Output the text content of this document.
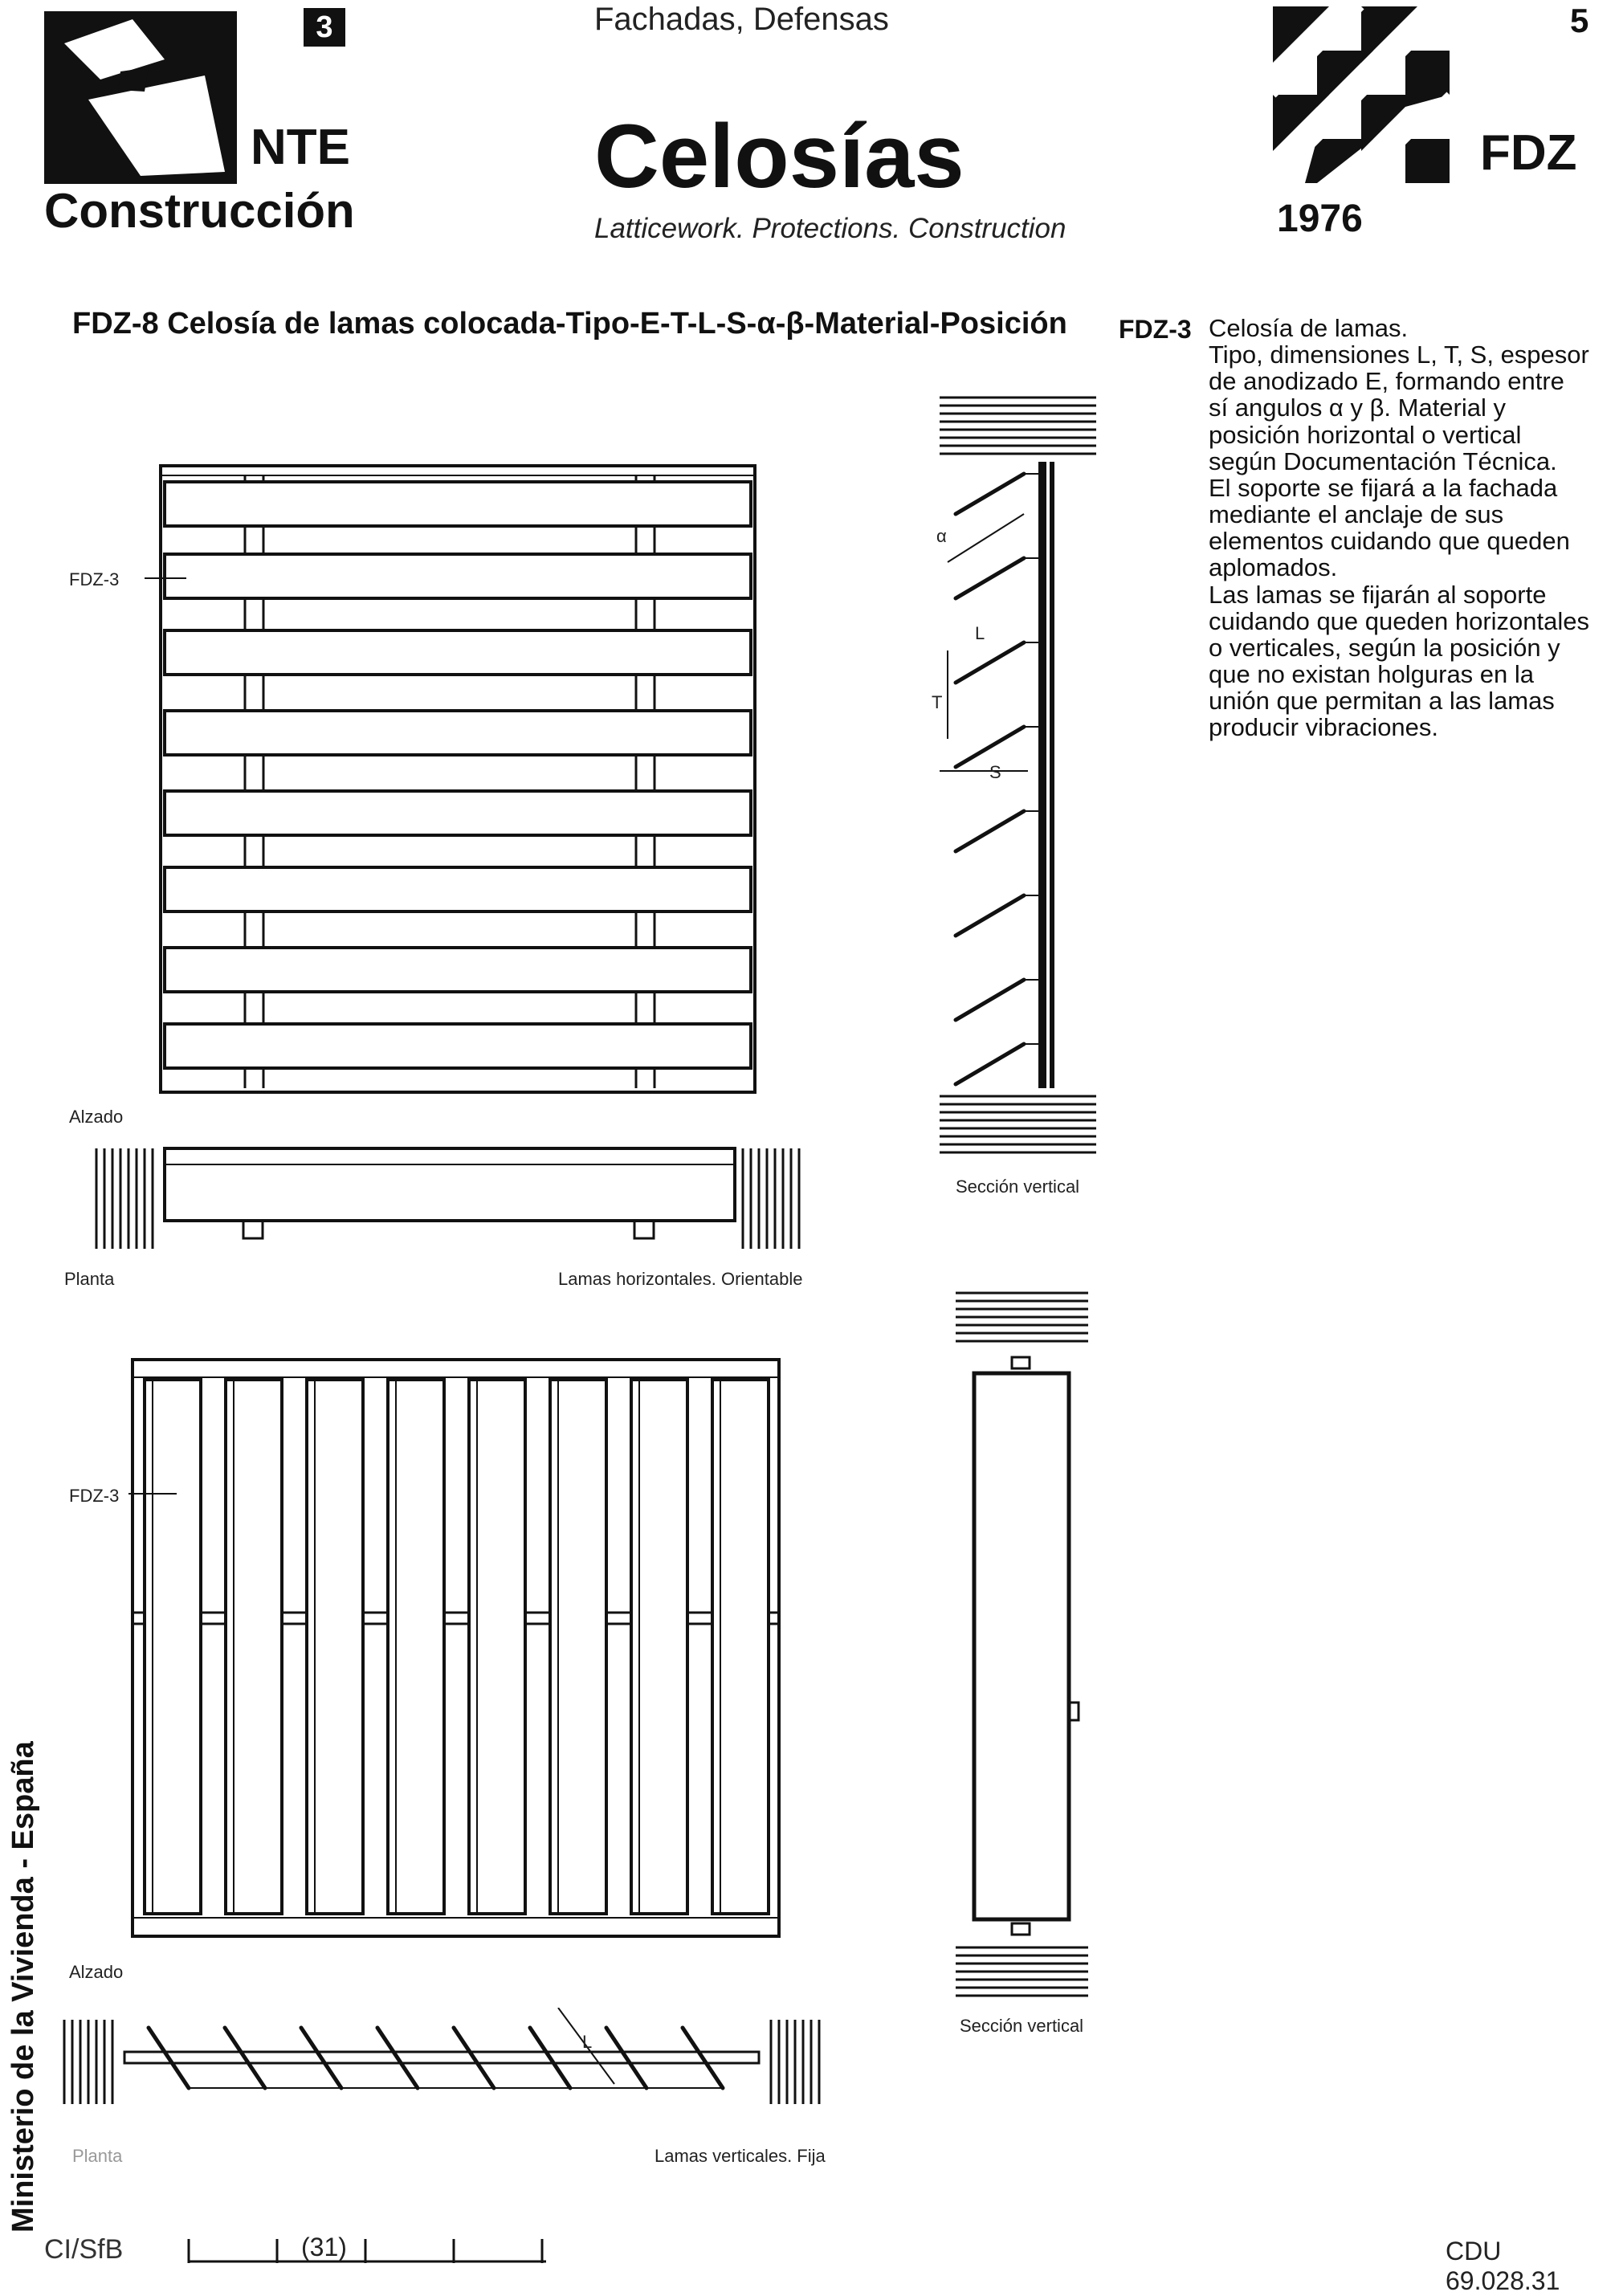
3
NTE
Construcción
Fachadas, Defensas
Celosías
Latticework. Protections. Construction
5
FDZ
1976
FDZ-8 Celosía de lamas colocada-Tipo-E-T-L-S-α-β-Material-Posición FDZ-3 Celosía de lamas.

Tipo, dimensiones L, T, S, espesor de anodizado E, formando entre sí angulos α y β. Material y posición horizontal o vertical según Documentación Técnica.

El soporte se fijará a la fachada mediante el anclaje de sus elementos cuidando que queden aplomados.

Las lamas se fijarán al soporte cuidando que queden horizontales o verticales, según la posición y que no existan holguras en la unión que permitan a las lamas producir vibraciones.

FDZ-3
Alzado
Planta	Lamas horizontales. Orientable
α
L
T
S
Sección vertical
FDZ-3
Alzado
L
Planta	Lamas verticales. Fija
Sección vertical
Ministerio de la Vivienda - España
CI/SfB	(31)	CDU 69.028.31
